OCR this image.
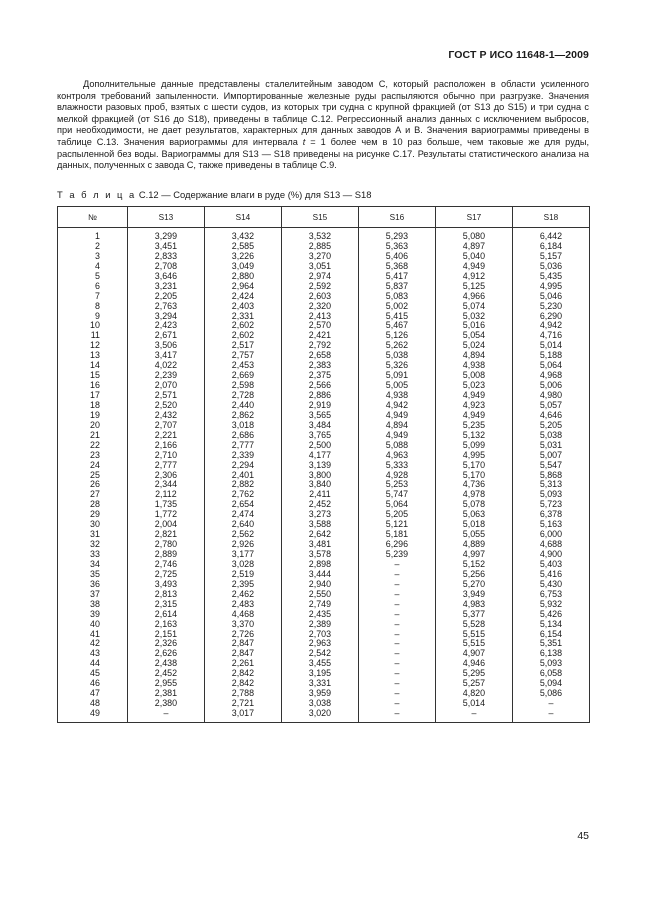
ГОСТ Р ИСО 11648-1—2009

Дополнительные данные представлены сталелитейным заводом С, который расположен в области усиленного контроля требований запыленности. Импортированные железные руды распыляются обычно при разгрузке. Значения влажности разовых проб, взятых с шести судов, из которых три судна с крупной фракцией (от S13 до S15) и три судна с мелкой фракцией (от S16 до S18), приведены в таблице С.12. Регрессионный анализ данных с исключением выбросов, при необходимости, не дает результатов, характерных для данных заводов А и В. Значения вариограммы приведены в таблице С.13. Значения вариограммы для интервала t = 1 более чем в 10 раз больше, чем таковые же для руды, распыленной без воды. Вариограммы для S13 — S18 приведены на рисунке С.17. Результаты статистического анализа на данных, полученных с завода С, также приведены в таблице С.9.

Т а б л и ц а С.12 — Содержание влаги в руде (%) для S13 — S18
№	S13	S14	S15	S16	S17	S18
1	3,299	3,432	3,532	5,293	5,080	6,442
2	3,451	2,585	2,885	5,363	4,897	6,184
3	2,833	3,226	3,270	5,406	5,040	5,157
4	2,708	3,049	3,051	5,368	4,949	5,036
5	3,646	2,880	2,974	5,417	4,912	5,435
6	3,231	2,964	2,592	5,837	5,125	4,995
7	2,205	2,424	2,603	5,083	4,966	5,046
8	2,763	2,403	2,320	5,002	5,074	5,230
9	3,294	2,331	2,413	5,415	5,032	6,290
10	2,423	2,602	2,570	5,467	5,016	4,942
11	2,671	2,602	2,421	5,126	5,054	4,716
12	3,506	2,517	2,792	5,262	5,024	5,014
13	3,417	2,757	2,658	5,038	4,894	5,188
14	4,022	2,453	2,383	5,326	4,938	5,064
15	2,239	2,669	2,375	5,091	5,008	4,968
16	2,070	2,598	2,566	5,005	5,023	5,006
17	2,571	2,728	2,886	4,938	4,949	4,980
18	2,520	2,440	2,919	4,942	4,923	5,057
19	2,432	2,862	3,565	4,949	4,949	4,646
20	2,707	3,018	3,484	4,894	5,235	5,205
21	2,221	2,686	3,765	4,949	5,132	5,038
22	2,166	2,777	2,500	5,088	5,099	5,031
23	2,710	2,339	4,177	4,963	4,995	5,007
24	2,777	2,294	3,139	5,333	5,170	5,547
25	2,306	2,401	3,800	4,928	5,170	5,868
26	2,344	2,882	3,840	5,253	4,736	5,313
27	2,112	2,762	2,411	5,747	4,978	5,093
28	1,735	2,654	2,452	5,064	5,078	5,723
29	1,772	2,474	3,273	5,205	5,063	6,378
30	2,004	2,640	3,588	5,121	5,018	5,163
31	2,821	2,562	2,642	5,181	5,055	6,000
32	2,780	2,926	3,481	6,296	4,889	4,688
33	2,889	3,177	3,578	5,239	4,997	4,900
34	2,746	3,028	2,898	–	5,152	5,403
35	2,725	2,519	3,444	–	5,256	5,416
36	3,493	2,395	2,940	–	5,270	5,430
37	2,813	2,462	2,550	–	3,949	6,753
38	2,315	2,483	2,749	–	4,983	5,932
39	2,614	4,468	2,435	–	5,377	5,426
40	2,163	3,370	2,389	–	5,528	5,134
41	2,151	2,726	2,703	–	5,515	6,154
42	2,326	2,847	2,963	–	5,515	5,351
43	2,626	2,847	2,542	–	4,907	6,138
44	2,438	2,261	3,455	–	4,946	5,093
45	2,452	2,842	3,195	–	5,295	6,058
46	2,955	2,842	3,331	–	5,257	5,094
47	2,381	2,788	3,959	–	4,820	5,086
48	2,380	2,721	3,038	–	5,014	–
49	–	3,017	3,020	–	–	–
45
